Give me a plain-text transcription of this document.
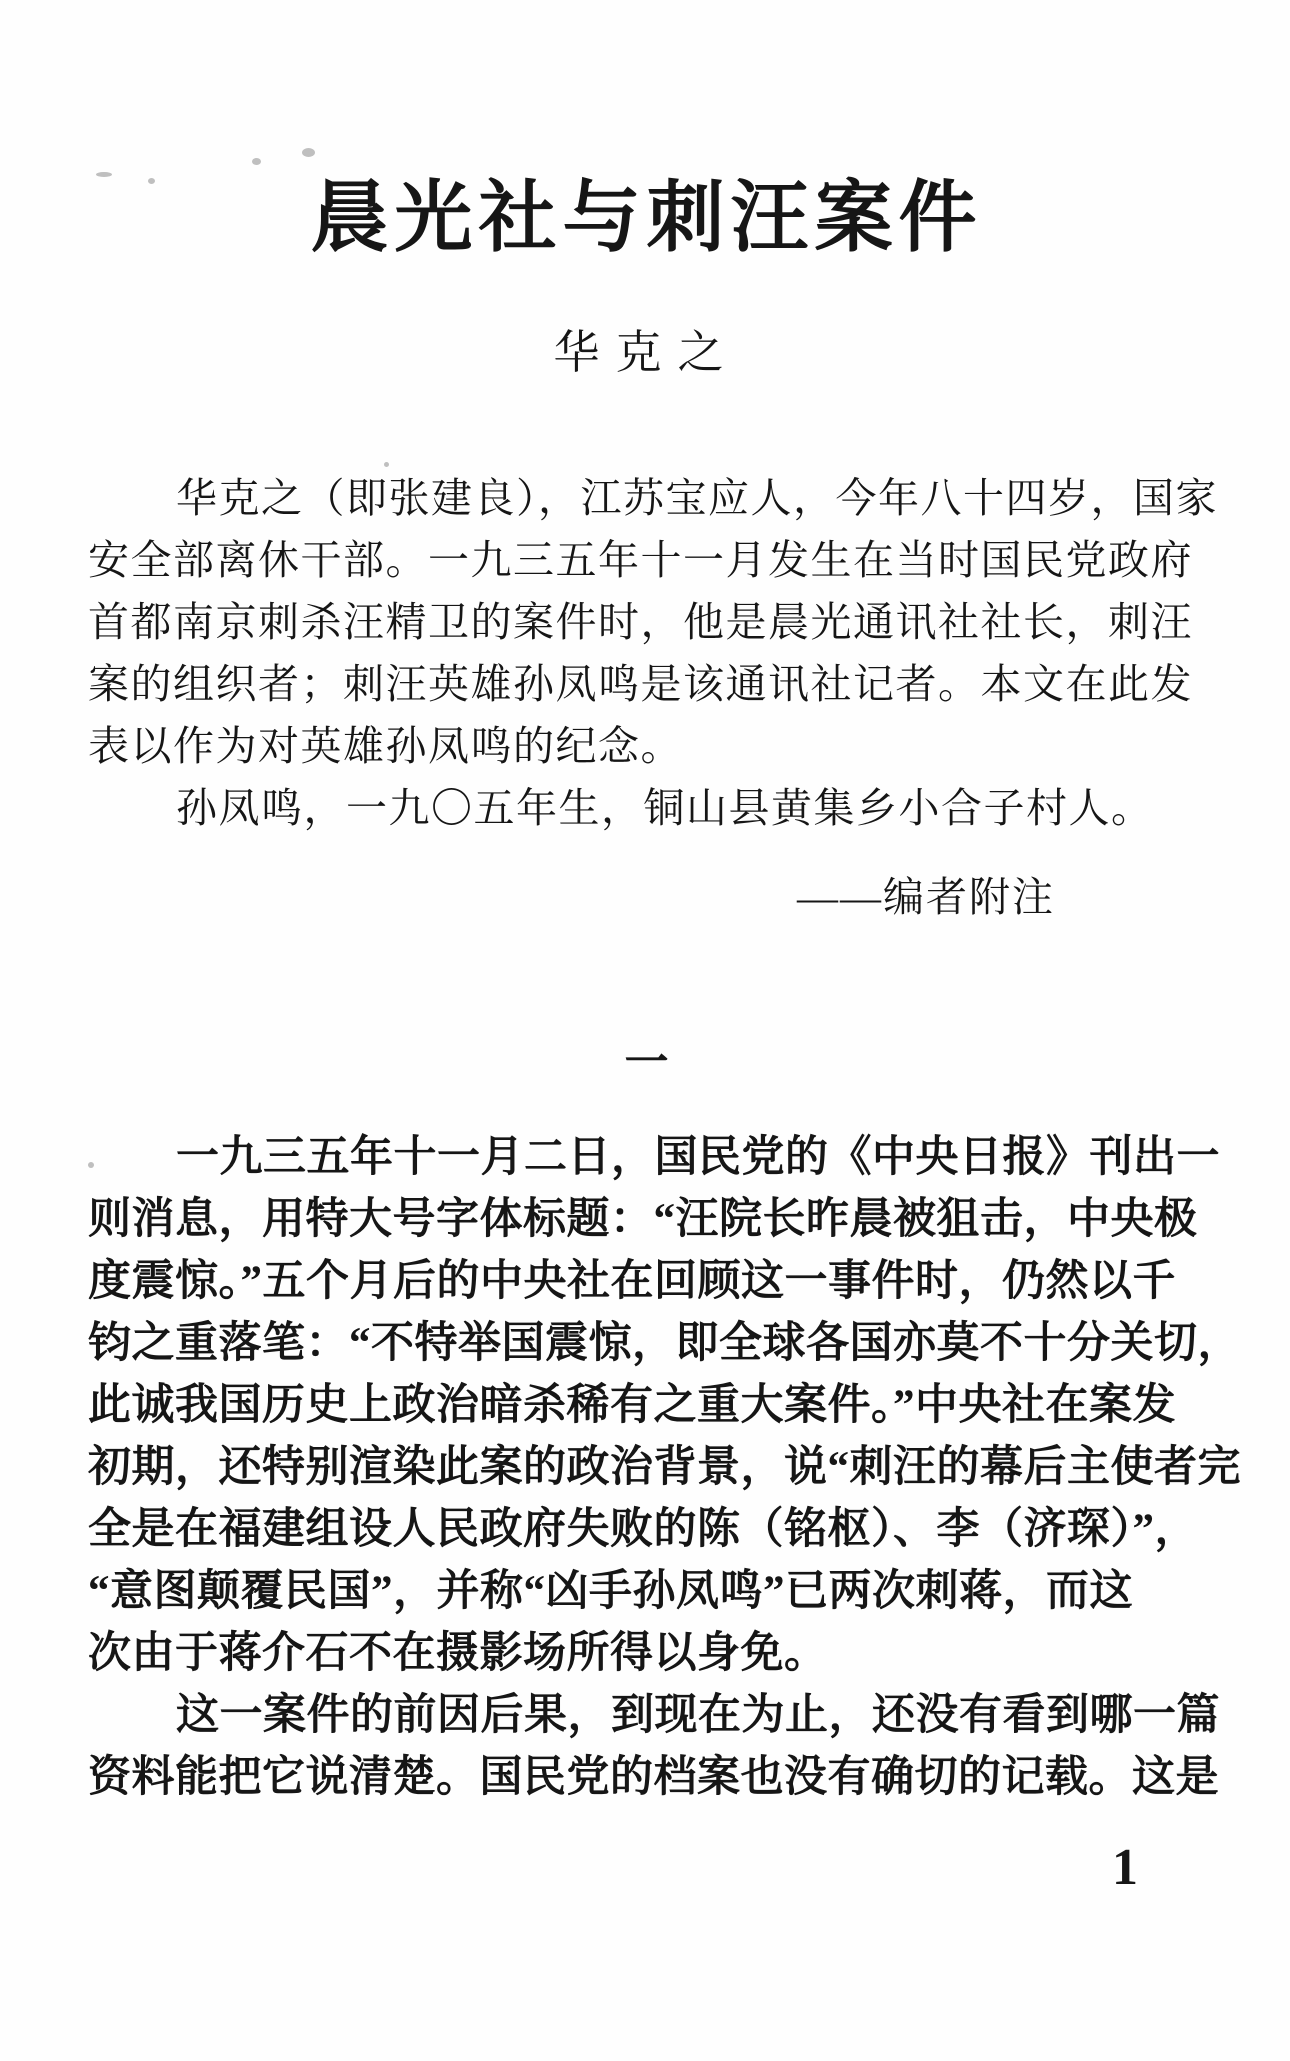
晨光社与刺汪案件
华克之
华克之（即张建良），江苏宝应人，今年八十四岁，国家
安全部离休干部。一九三五年十一月发生在当时国民党政府
首都南京刺杀汪精卫的案件时，他是晨光通讯社社长，刺汪
案的组织者；刺汪英雄孙凤鸣是该通讯社记者。本文在此发
表以作为对英雄孙凤鸣的纪念。
孙凤鸣，一九〇五年生，铜山县黄集乡小合子村人。
——编者附注
一
一九三五年十一月二日，国民党的《中央日报》刊出一
则消息，用特大号字体标题：“汪院长昨晨被狙击，中央极
度震惊。”五个月后的中央社在回顾这一事件时，仍然以千
钧之重落笔：“不特举国震惊，即全球各国亦莫不十分关切，
此诚我国历史上政治暗杀稀有之重大案件。”中央社在案发
初期，还特别渲染此案的政治背景，说“刺汪的幕后主使者完
全是在福建组设人民政府失败的陈（铭枢）、李（济琛）”，
“意图颠覆民国”，并称“凶手孙凤鸣”已两次刺蒋，而这
次由于蒋介石不在摄影场所得以身免。
这一案件的前因后果，到现在为止，还没有看到哪一篇
资料能把它说清楚。国民党的档案也没有确切的记载。这是
1
